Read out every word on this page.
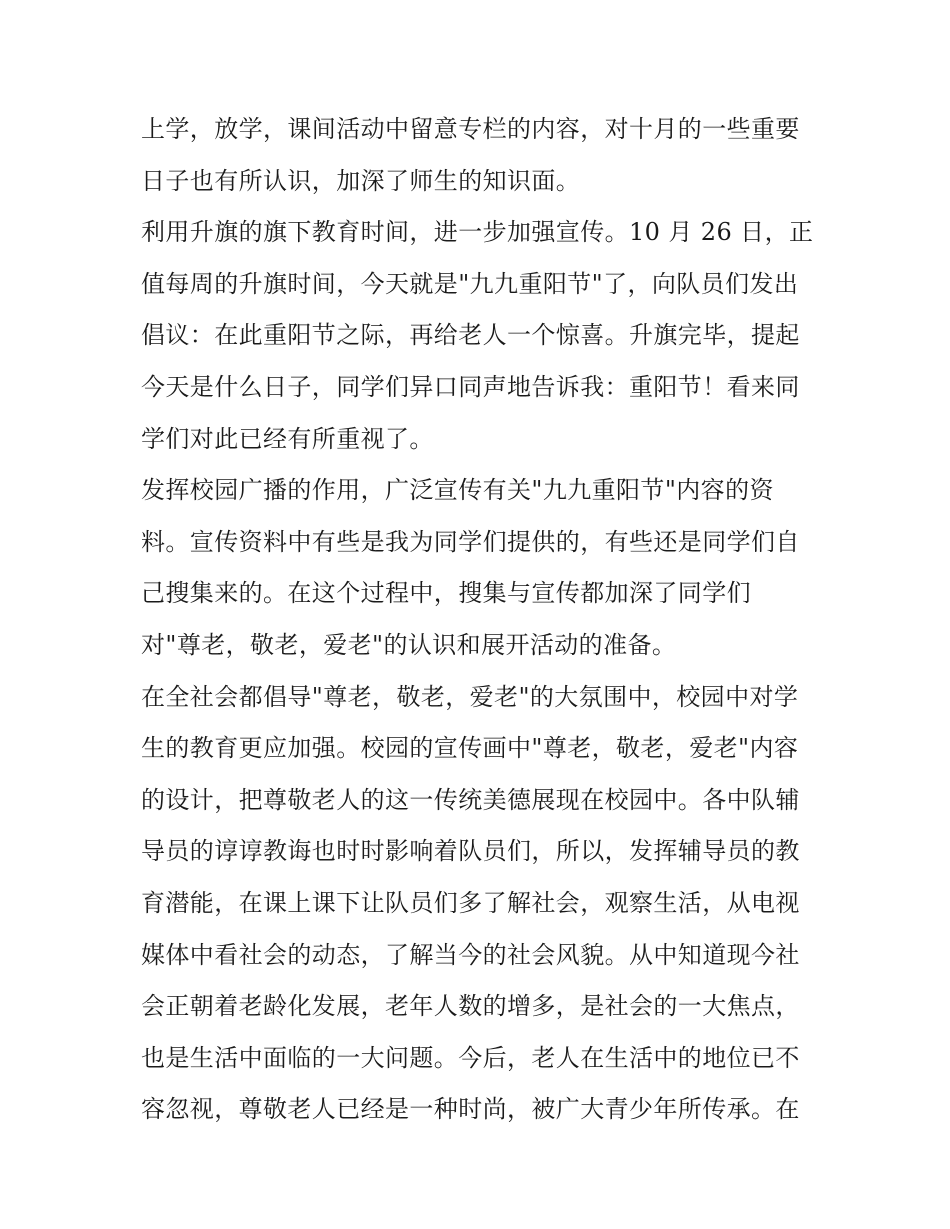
上学，放学，课间活动中留意专栏的内容，对十月的一些重要
日子也有所认识，加深了师生的知识面。
利用升旗的旗下教育时间，进一步加强宣传。10 月 26 日，正
值每周的升旗时间，今天就是"九九重阳节"了，向队员们发出
倡议：在此重阳节之际，再给老人一个惊喜。升旗完毕，提起
今天是什么日子，同学们异口同声地告诉我：重阳节！看来同
学们对此已经有所重视了。
发挥校园广播的作用，广泛宣传有关"九九重阳节"内容的资
料。宣传资料中有些是我为同学们提供的，有些还是同学们自
己搜集来的。在这个过程中，搜集与宣传都加深了同学们
对"尊老，敬老，爱老"的认识和展开活动的准备。
在全社会都倡导"尊老，敬老，爱老"的大氛围中，校园中对学
生的教育更应加强。校园的宣传画中"尊老，敬老，爱老"内容
的设计，把尊敬老人的这一传统美德展现在校园中。各中队辅
导员的谆谆教诲也时时影响着队员们，所以，发挥辅导员的教
育潜能，在课上课下让队员们多了解社会，观察生活，从电视
媒体中看社会的动态，了解当今的社会风貌。从中知道现今社
会正朝着老龄化发展，老年人数的增多，是社会的一大焦点，
也是生活中面临的一大问题。今后，老人在生活中的地位已不
容忽视，尊敬老人已经是一种时尚，被广大青少年所传承。在
